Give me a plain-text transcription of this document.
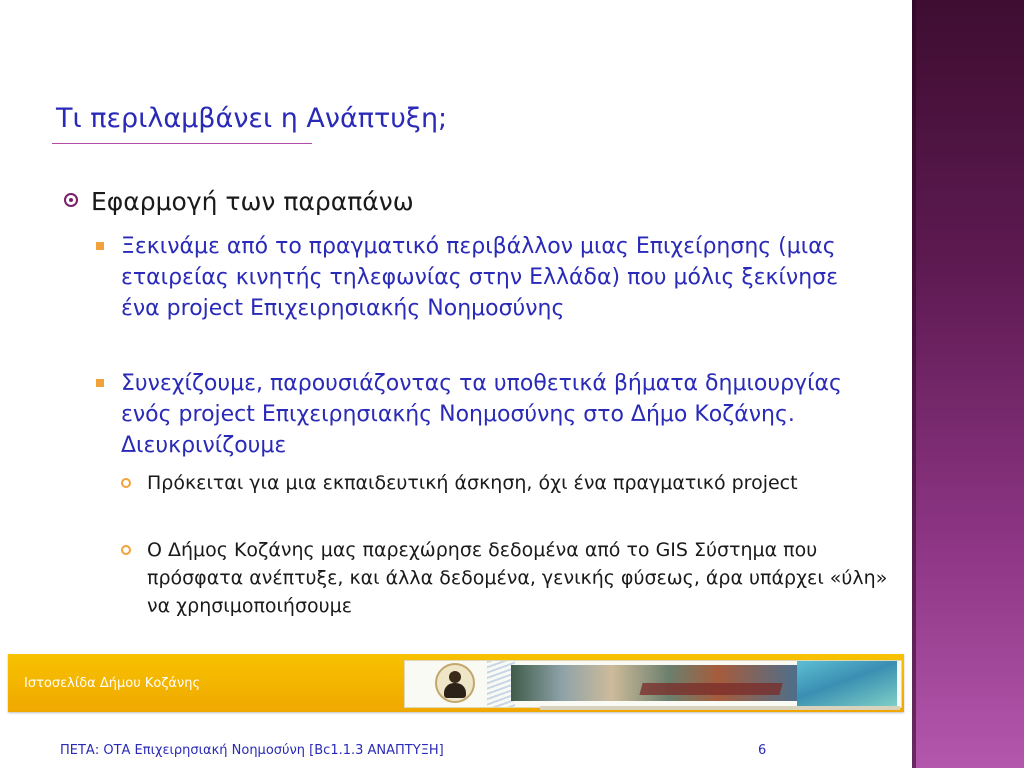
Τι περιλαμβάνει η Ανάπτυξη;
Εφαρμογή των παραπάνω
Ξεκινάμε από το πραγματικό περιβάλλον μιας Επιχείρησης (μιας εταιρείας κινητής τηλεφωνίας στην Ελλάδα) που μόλις ξεκίνησε ένα project Επιχειρησιακής Νοημοσύνης
Συνεχίζουμε, παρουσιάζοντας τα υποθετικά βήματα δημιουργίας ενός project Επιχειρησιακής Νοημοσύνης στο Δήμο Κοζάνης. Διευκρινίζουμε
Πρόκειται για μια εκπαιδευτική άσκηση, όχι ένα πραγματικό project
Ο Δήμος Κοζάνης μας παρεχώρησε δεδομένα από το GIS Σύστημα που πρόσφατα ανέπτυξε, και άλλα δεδομένα, γενικής φύσεως, άρα υπάρχει «ύλη» να χρησιμοποιήσουμε
Ιστοσελίδα Δήμου Κοζάνης
ΠΕΤΑ: ΟΤΑ Επιχειρησιακή Νοημοσύνη [Bc1.1.3 ΑΝΑΠΤΥΞΗ]	6
